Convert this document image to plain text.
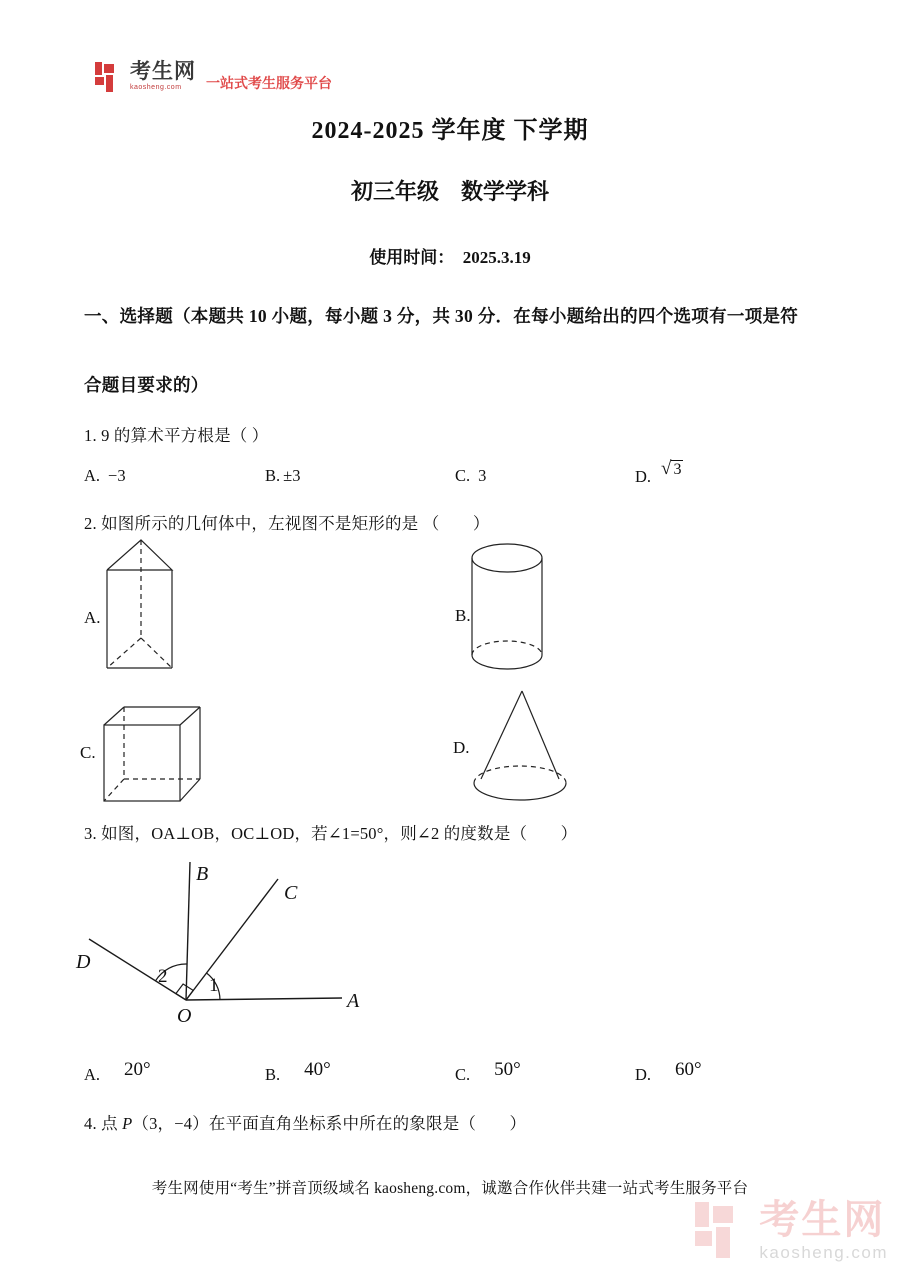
考生网
kaosheng.com	一站式考生服务平台
2024-2025 学年度 下学期
初三年级　数学学科
使用时间：  2025.3.19
一、选择题（本题共 10 小题，每小题 3 分，共 30 分．在每小题给出的四个选项有一项是符
合题目要求的）
1. 9 的算术平方根是（ ）
A. −3	B. ±3	C. 3	D. √ 3
2. 如图所示的几何体中，左视图不是矩形的是 （　　）
A.	B.
C.	D.
3. 如图，OA⊥OB，OC⊥OD，若∠1=50°，则∠2 的度数是（　　）
B
C
D
A
O
2 1
A. 20°	B. 40°	C. 50°	D. 60°
4. 点 P（3，−4）在平面直角坐标系中所在的象限是（　　）
考生网使用“考生”拼音顶级域名 kaosheng.com，诚邀合作伙伴共建一站式考生服务平台
考生网
kaosheng.com
